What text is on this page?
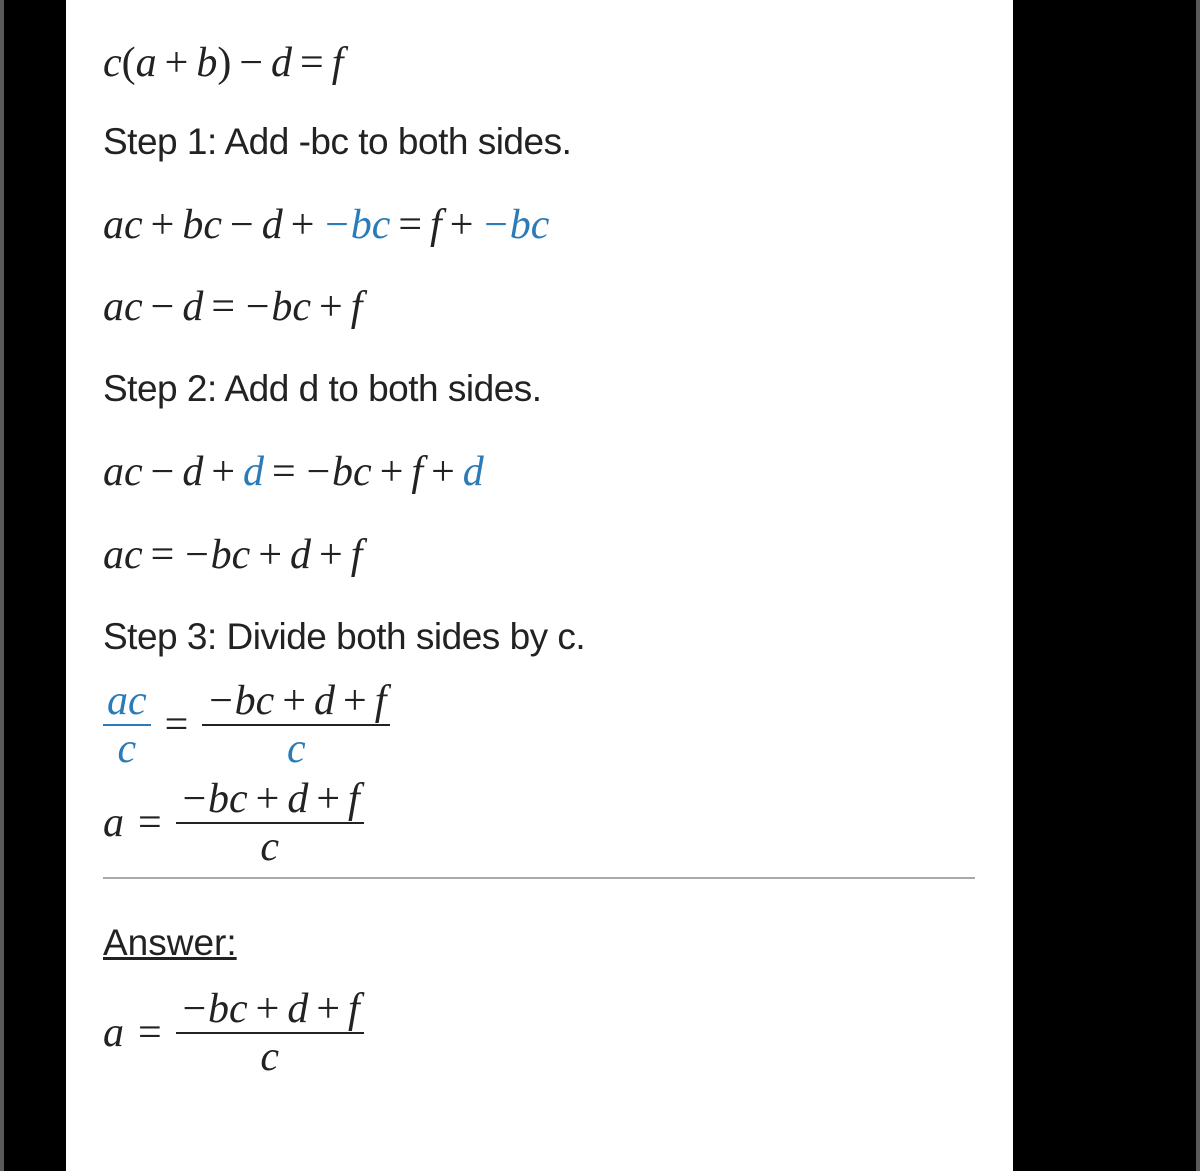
c(a + b) − d = f
Step 1: Add -bc to both sides.
ac + bc − d + −bc = f + −bc
ac − d = −bc + f
Step 2: Add d to both sides.
ac − d + d = −bc + f + d
ac = −bc + d + f
Step 3: Divide both sides by c.
$\frac{ac}{c} = \frac{-bc + d + f}{c}$
$a = \frac{-bc + d + f}{c}$
Answer:
$a = \frac{-bc + d + f}{c}$
